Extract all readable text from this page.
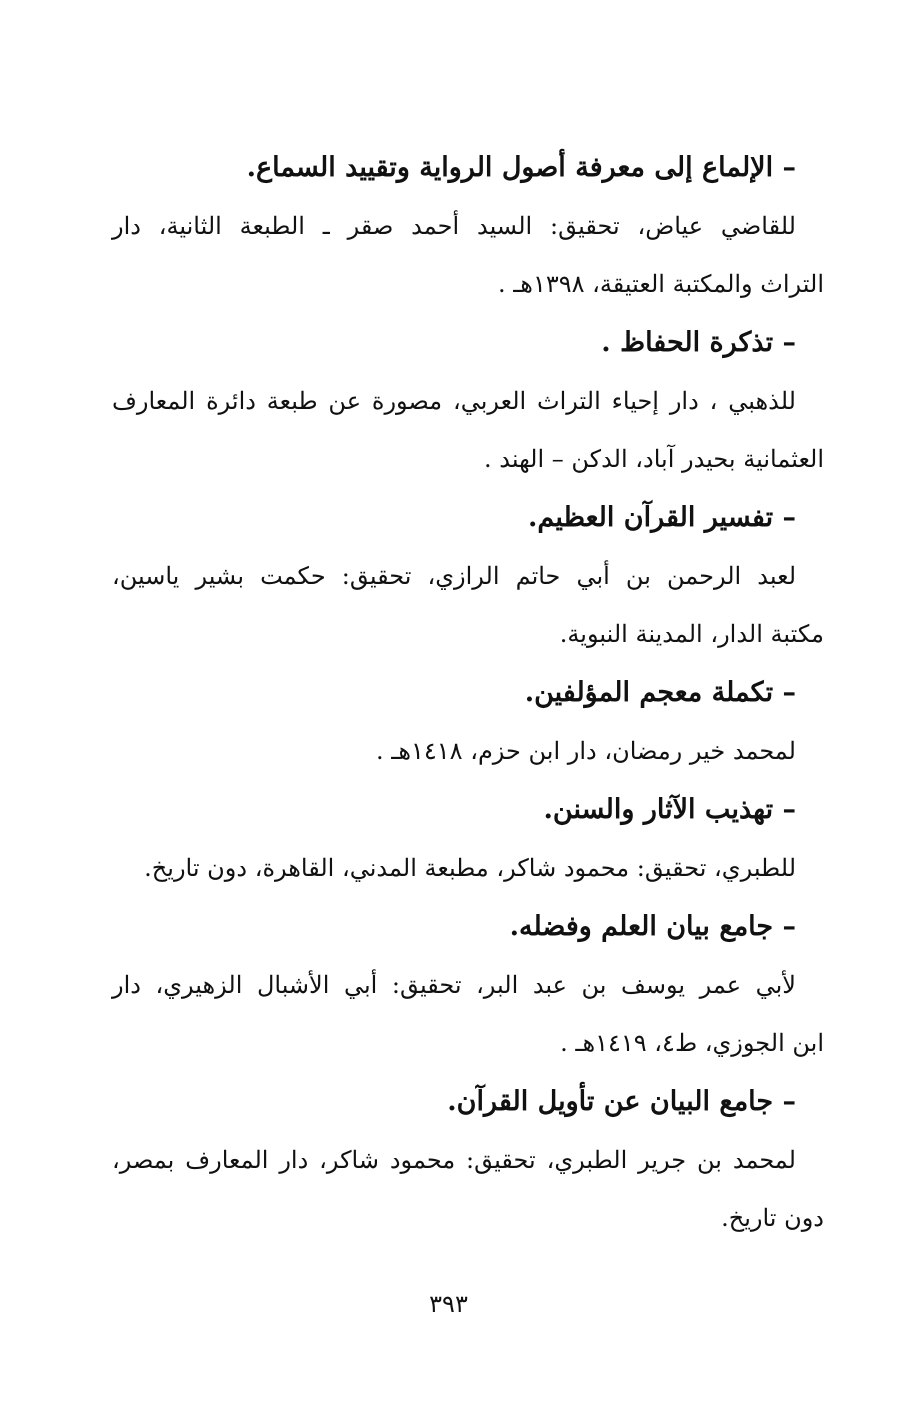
– الإلماع إلى معرفة أصول الرواية وتقييد السماع.

للقاضي عياض، تحقيق: السيد أحمد صقر ـ الطبعة الثانية، دار
التراث والمكتبة العتيقة، ١٣٩٨هـ .

– تذكرة الحفاظ .

للذهبي ، دار إحياء التراث العربي، مصورة عن طبعة دائرة المعارف
العثمانية بحيدر آباد، الدكن – الهند .

– تفسير القرآن العظيم.

لعبد الرحمن بن أبي حاتم الرازي، تحقيق: حكمت بشير ياسين،
مكتبة الدار، المدينة النبوية.

– تكملة معجم المؤلفين.

لمحمد خير رمضان، دار ابن حزم، ١٤١٨هـ .

– تهذيب الآثار والسنن.

للطبري، تحقيق: محمود شاكر، مطبعة المدني، القاهرة، دون تاريخ.

– جامع بيان العلم وفضله.

لأبي عمر يوسف بن عبد البر، تحقيق: أبي الأشبال الزهيري، دار
ابن الجوزي، ط٤، ١٤١٩هـ .

– جامع البيان عن تأويل القرآن.

لمحمد بن جرير الطبري، تحقيق: محمود شاكر، دار المعارف بمصر،
دون تاريخ.

٣٩٣
